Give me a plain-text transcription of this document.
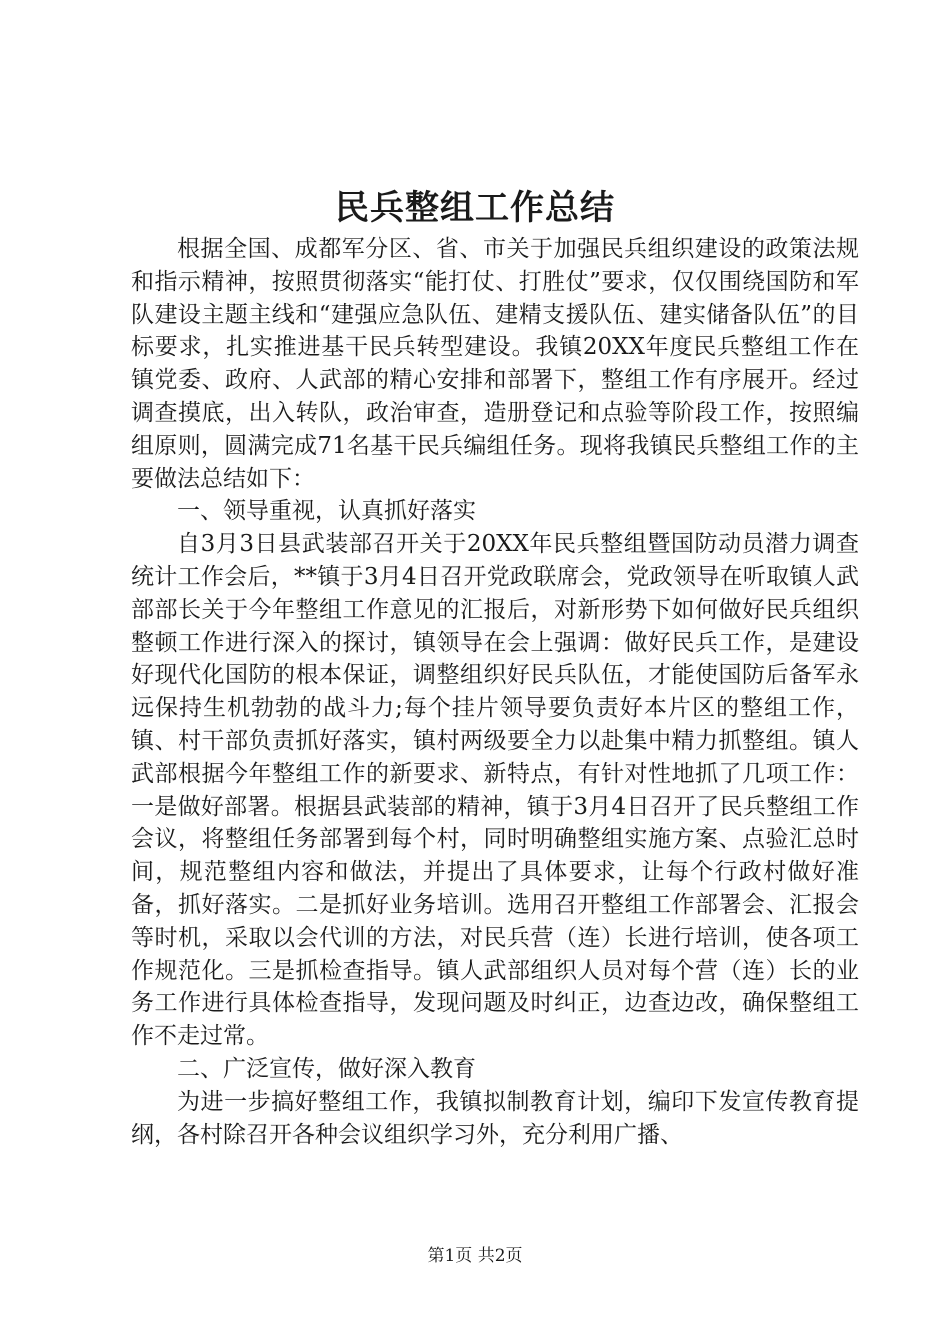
民兵整组工作总结

根据全国、成都军分区、省、市关于加强民兵组织建设的政策法规和指示精神，按照贯彻落实“能打仗、打胜仗”要求，仅仅围绕国防和军队建设主题主线和“建强应急队伍、建精支援队伍、建实储备队伍”的目标要求，扎实推进基干民兵转型建设。我镇20XX年度民兵整组工作在镇党委、政府、人武部的精心安排和部署下，整组工作有序展开。经过调查摸底，出入转队，政治审查，造册登记和点验等阶段工作，按照编组原则，圆满完成71名基干民兵编组任务。现将我镇民兵整组工作的主要做法总结如下：

一、领导重视，认真抓好落实

自3月3日县武装部召开关于20XX年民兵整组暨国防动员潜力调查统计工作会后，**镇于3月4日召开党政联席会，党政领导在听取镇人武部部长关于今年整组工作意见的汇报后，对新形势下如何做好民兵组织整顿工作进行深入的探讨，镇领导在会上强调：做好民兵工作，是建设好现代化国防的根本保证，调整组织好民兵队伍，才能使国防后备军永远保持生机勃勃的战斗力;每个挂片领导要负责好本片区的整组工作，镇、村干部负责抓好落实，镇村两级要全力以赴集中精力抓整组。镇人武部根据今年整组工作的新要求、新特点，有针对性地抓了几项工作：一是做好部署。根据县武装部的精神，镇于3月4日召开了民兵整组工作会议，将整组任务部署到每个村，同时明确整组实施方案、点验汇总时间，规范整组内容和做法，并提出了具体要求，让每个行政村做好准备，抓好落实。二是抓好业务培训。选用召开整组工作部署会、汇报会等时机，采取以会代训的方法，对民兵营（连）长进行培训，使各项工作规范化。三是抓检查指导。镇人武部组织人员对每个营（连）长的业务工作进行具体检查指导，发现问题及时纠正，边查边改，确保整组工作不走过常。

二、广泛宣传，做好深入教育

为进一步搞好整组工作，我镇拟制教育计划，编印下发宣传教育提纲，各村除召开各种会议组织学习外，充分利用广播、

第1页 共2页
